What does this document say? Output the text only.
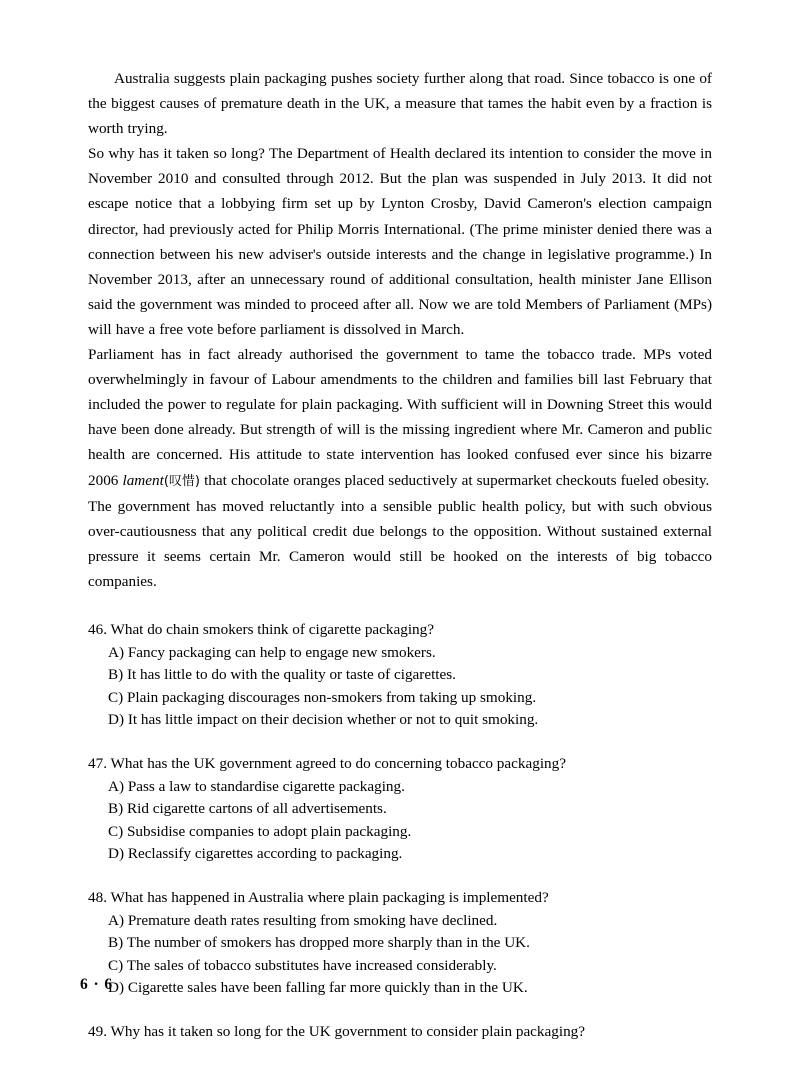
Australia suggests plain packaging pushes society further along that road. Since tobacco is one of the biggest causes of premature death in the UK, a measure that tames the habit even by a fraction is worth trying.

So why has it taken so long? The Department of Health declared its intention to consider the move in November 2010 and consulted through 2012. But the plan was suspended in July 2013. It did not escape notice that a lobbying firm set up by Lynton Crosby, David Cameron's election campaign director, had previously acted for Philip Morris International. (The prime minister denied there was a connection between his new adviser's outside interests and the change in legislative programme.) In November 2013, after an unnecessary round of additional consultation, health minister Jane Ellison said the government was minded to proceed after all. Now we are told Members of Parliament (MPs) will have a free vote before parliament is dissolved in March.

Parliament has in fact already authorised the government to tame the tobacco trade. MPs voted overwhelmingly in favour of Labour amendments to the children and families bill last February that included the power to regulate for plain packaging. With sufficient will in Downing Street this would have been done already. But strength of will is the missing ingredient where Mr. Cameron and public health are concerned. His attitude to state intervention has looked confused ever since his bizarre 2006 lament(叹惜) that chocolate oranges placed seductively at supermarket checkouts fueled obesity.

The government has moved reluctantly into a sensible public health policy, but with such obvious over-cautiousness that any political credit due belongs to the opposition. Without sustained external pressure it seems certain Mr. Cameron would still be hooked on the interests of big tobacco companies.

46. What do chain smokers think of cigarette packaging?

A) Fancy packaging can help to engage new smokers.
B) It has little to do with the quality or taste of cigarettes.
C) Plain packaging discourages non-smokers from taking up smoking.
D) It has little impact on their decision whether or not to quit smoking.

47. What has the UK government agreed to do concerning tobacco packaging?

A) Pass a law to standardise cigarette packaging.
B) Rid cigarette cartons of all advertisements.
C) Subsidise companies to adopt plain packaging.
D) Reclassify cigarettes according to packaging.

48. What has happened in Australia where plain packaging is implemented?

A) Premature death rates resulting from smoking have declined.
B) The number of smokers has dropped more sharply than in the UK.
C) The sales of tobacco substitutes have increased considerably.
D) Cigarette sales have been falling far more quickly than in the UK.

49. Why has it taken so long for the UK government to consider plain packaging?

6 · 6
